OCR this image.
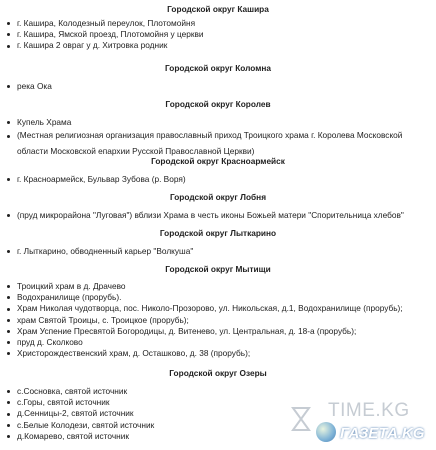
Городской округ Кашира
г. Кашира, Колодезный переулок, Плотомойня
г. Кашира, Ямской проезд, Плотомойня у церкви
г. Кашира 2 овраг у д. Хитровка родник
Городской округ Коломна
река Ока
Городской округ Королев
Купель Храма
(Местная религиозная организация православный приход Троицкого храма г. Королева Московской области Московской епархии Русской Православной Церкви)
Городской округ Красноармейск
г. Красноармейск, Бульвар Зубова (р. Воря)
Городской округ Лобня
(пруд микрорайона "Луговая") вблизи Храма в честь иконы Божьей матери "Спорительница хлебов"
Городской округ Лыткарино
г. Лыткарино, обводненный карьер "Волкуша"
Городской округ Мытищи
Троицкий храм в д. Драчево
Водохранилище (прорубь).
Храм Николая чудотворца, пос. Николо-Прозорово, ул. Никольская, д.1, Водохранилище (прорубь);
храм Святой Троицы, с. Троицкое (прорубь);
Храм Успение Пресвятой Богородицы, д. Витенево, ул. Центральная, д. 18-а (прорубь);
пруд д. Сколково
Христорождественский храм, д. Осташково, д. 38 (прорубь);
Городской округ Озеры
с.Сосновка, святой источник
с.Горы, святой источник
д.Сенницы-2, святой источник
с.Белые Колодези, святой источник
д.Комарево, святой источник
TIME.KG
ГАЗЕТА.KG
